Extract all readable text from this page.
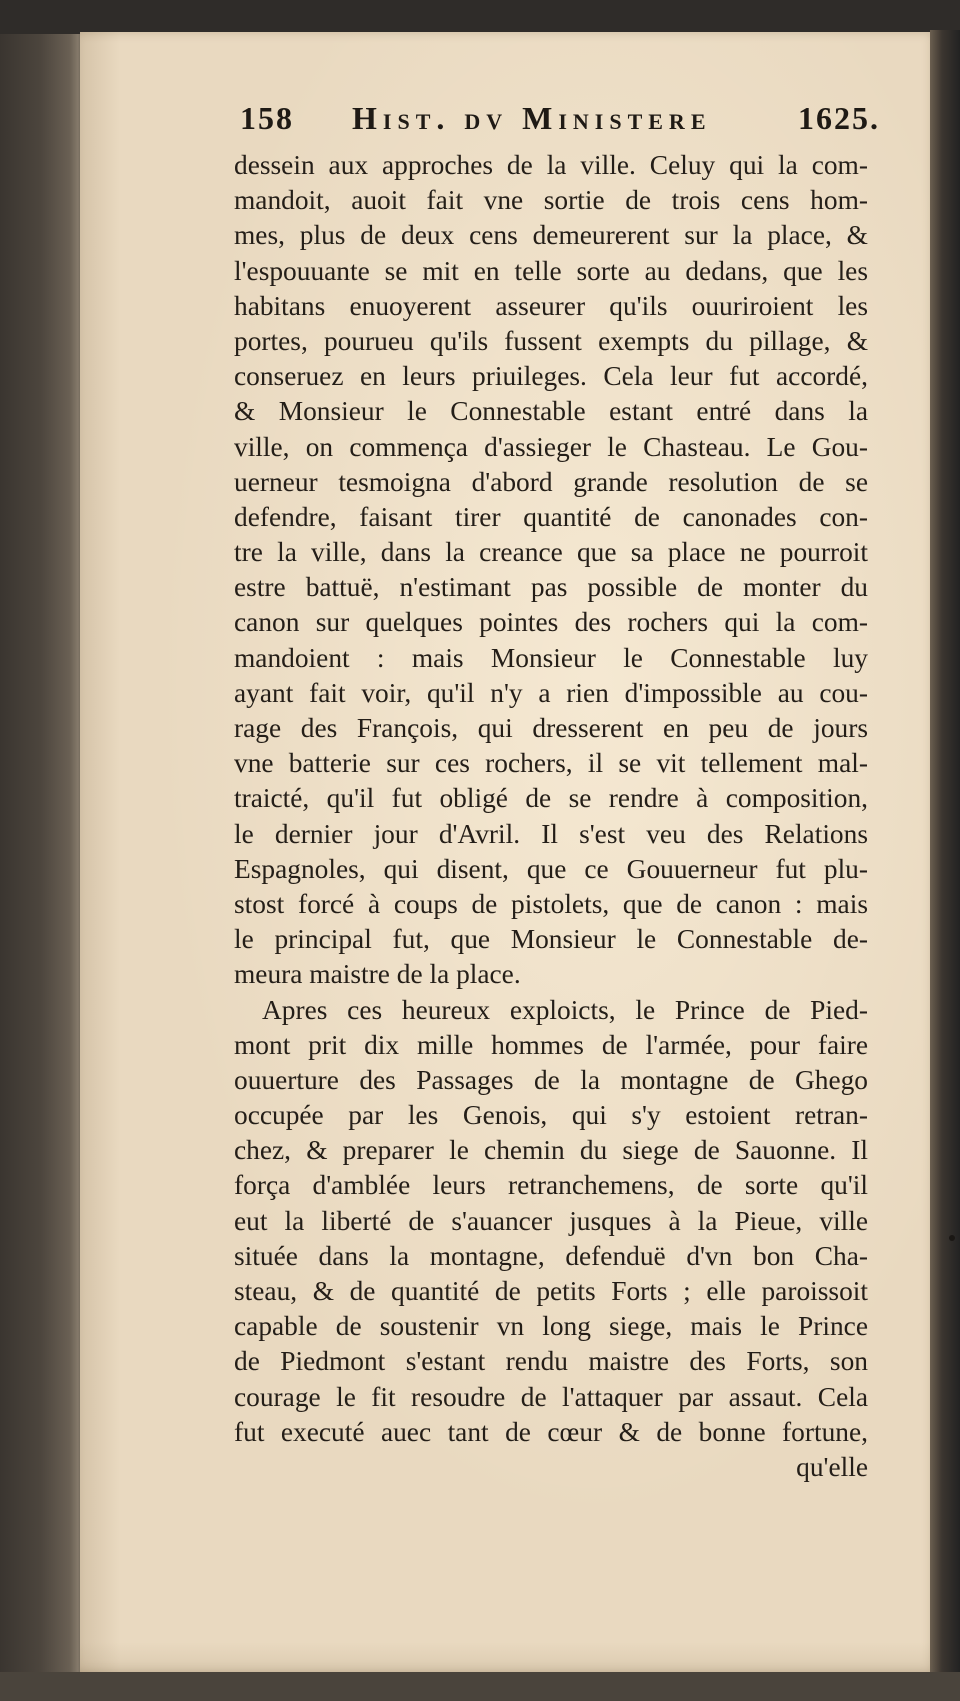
158 Hist. dv Ministere	1625.
dessein aux approches de la ville. Celuy qui la com-
mandoit, auoit fait vne sortie de trois cens hom-
mes, plus de deux cens demeurerent sur la place, &
l'espouuante se mit en telle sorte au dedans, que les
habitans enuoyerent asseurer qu'ils ouuriroient les
portes, pourueu qu'ils fussent exempts du pillage, &
conseruez en leurs priuileges. Cela leur fut accordé,
& Monsieur le Connestable estant entré dans la
ville, on commença d'assieger le Chasteau. Le Gou-
uerneur tesmoigna d'abord grande resolution de se
defendre, faisant tirer quantité de canonades con-
tre la ville, dans la creance que sa place ne pourroit
estre battuë, n'estimant pas possible de monter du
canon sur quelques pointes des rochers qui la com-
mandoient : mais Monsieur le Connestable luy
ayant fait voir, qu'il n'y a rien d'impossible au cou-
rage des François, qui dresserent en peu de jours
vne batterie sur ces rochers, il se vit tellement mal-
traicté, qu'il fut obligé de se rendre à composition,
le dernier jour d'Avril. Il s'est veu des Relations
Espagnoles, qui disent, que ce Gouuerneur fut plu-
stost forcé à coups de pistolets, que de canon : mais
le principal fut, que Monsieur le Connestable de-
meura maistre de la place.
Apres ces heureux exploicts, le Prince de Pied-
mont prit dix mille hommes de l'armée, pour faire
ouuerture des Passages de la montagne de Ghego
occupée par les Genois, qui s'y estoient retran-
chez, & preparer le chemin du siege de Sauonne. Il
força d'amblée leurs retranchemens, de sorte qu'il
eut la liberté de s'auancer jusques à la Pieue, ville
située dans la montagne, defenduë d'vn bon Cha-
steau, & de quantité de petits Forts ; elle paroissoit
capable de soustenir vn long siege, mais le Prince
de Piedmont s'estant rendu maistre des Forts, son
courage le fit resoudre de l'attaquer par assaut. Cela
fut executé auec tant de cœur & de bonne fortune,
qu'elle
